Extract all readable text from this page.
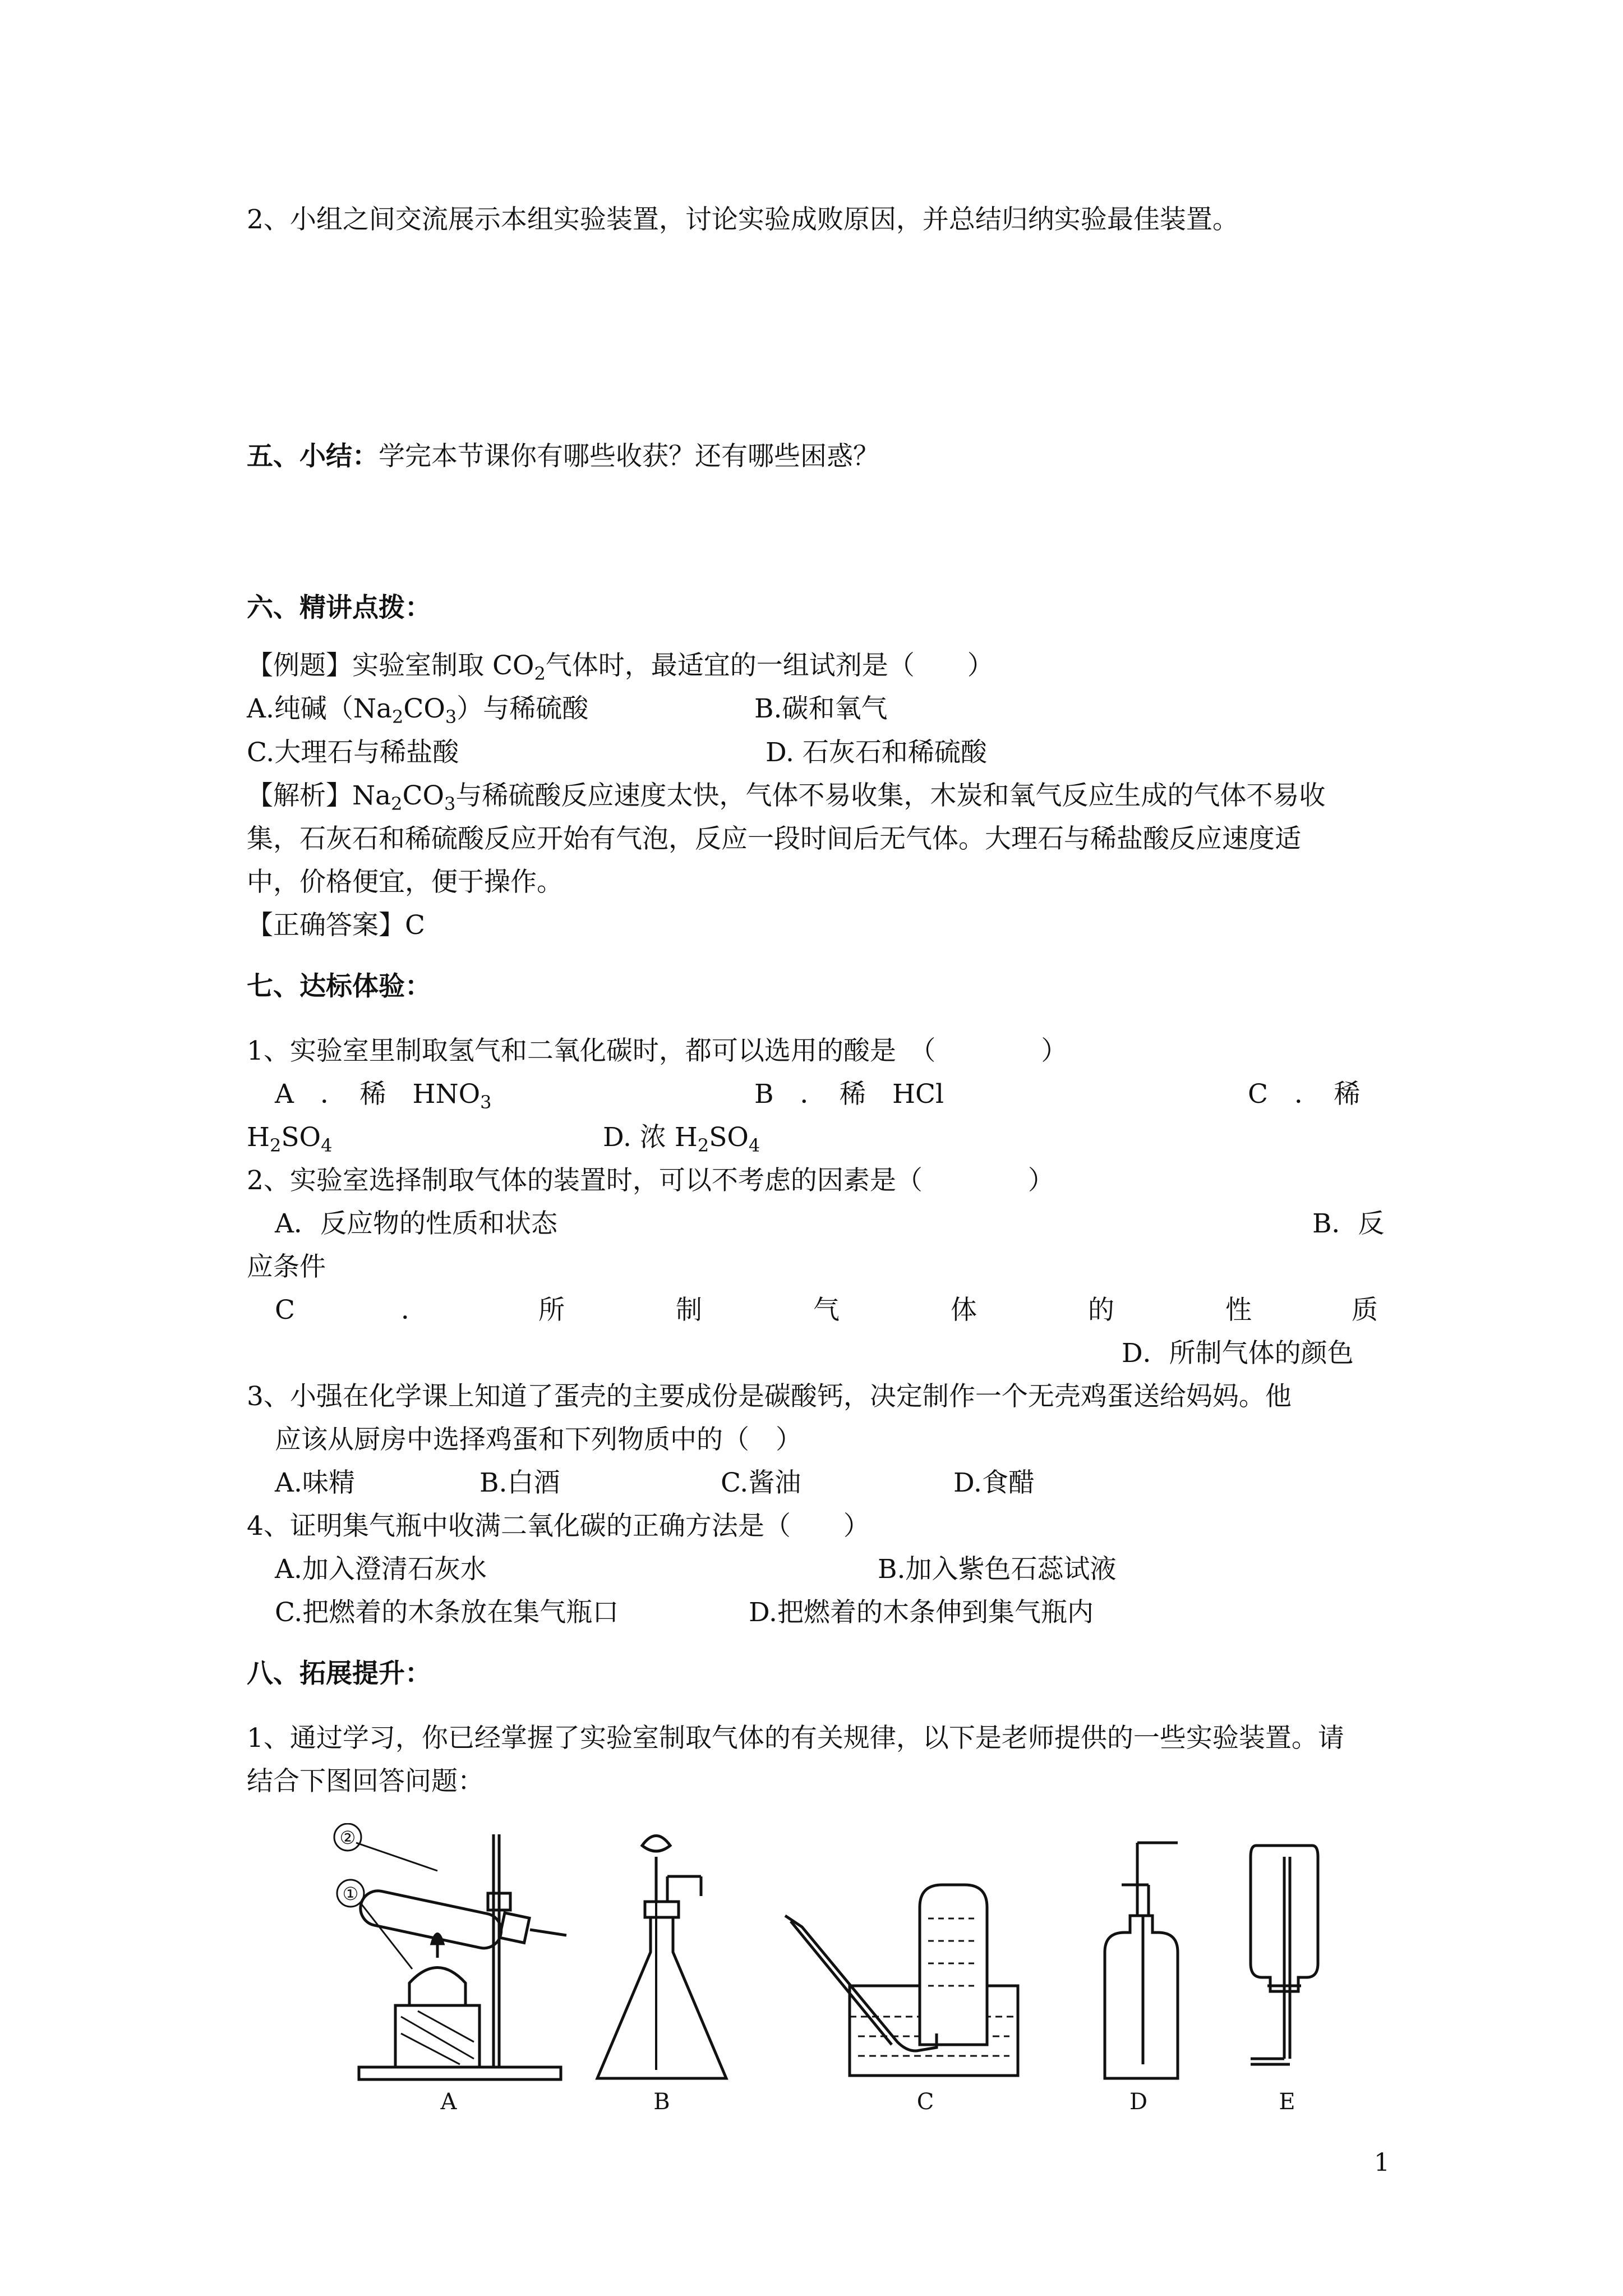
2、小组之间交流展示本组实验装置，讨论实验成败原因，并总结归纳实验最佳装置。
五、小结：学完本节课你有哪些收获？还有哪些困惑？
六、精讲点拨：
【例题】实验室制取 $CO_2$气体时，最适宜的一组试剂是（　　）
A.纯碱$(Na_2CO_3)$与稀硫酸	B.碳和氧气
C.大理石与稀盐酸	D. 石灰石和稀硫酸
【解析】$Na_2CO_3$与稀硫酸反应速度太快，气体不易收集，木炭和氧气反应生成的气体不易收
集，石灰石和稀硫酸反应开始有气泡，反应一段时间后无气体。大理石与稀盐酸反应速度适
中，价格便宜，便于操作。
【正确答案】C
七、达标体验：
1、实验室里制取氢气和二氧化碳时，都可以选用的酸是　（　　　　）
A　．　稀　 $HNO_3$	B　．　稀　 HCl	C　．　稀
$H_2SO_4$	D. 浓 $H_2SO_4$
2、实验室选择制取气体的装置时，可以不考虑的因素是（　　　　）
A．反应物的性质和状态	B．反
应条件
C	．	所	制	气	体	的	性	质
D．所制气体的颜色
3、小强在化学课上知道了蛋壳的主要成份是碳酸钙，决定制作一个无壳鸡蛋送给妈妈。他
应该从厨房中选择鸡蛋和下列物质中的（　）
A.味精	B.白酒	C.酱油	D.食醋
4、证明集气瓶中收满二氧化碳的正确方法是（　　）
A.加入澄清石灰水	B.加入紫色石蕊试液
C.把燃着的木条放在集气瓶口	D.把燃着的木条伸到集气瓶内
八、拓展提升：
1、通过学习，你已经掌握了实验室制取气体的有关规律，以下是老师提供的一些实验装置。请
结合下图回答问题：
①
②
A	B	C	D	E
1
